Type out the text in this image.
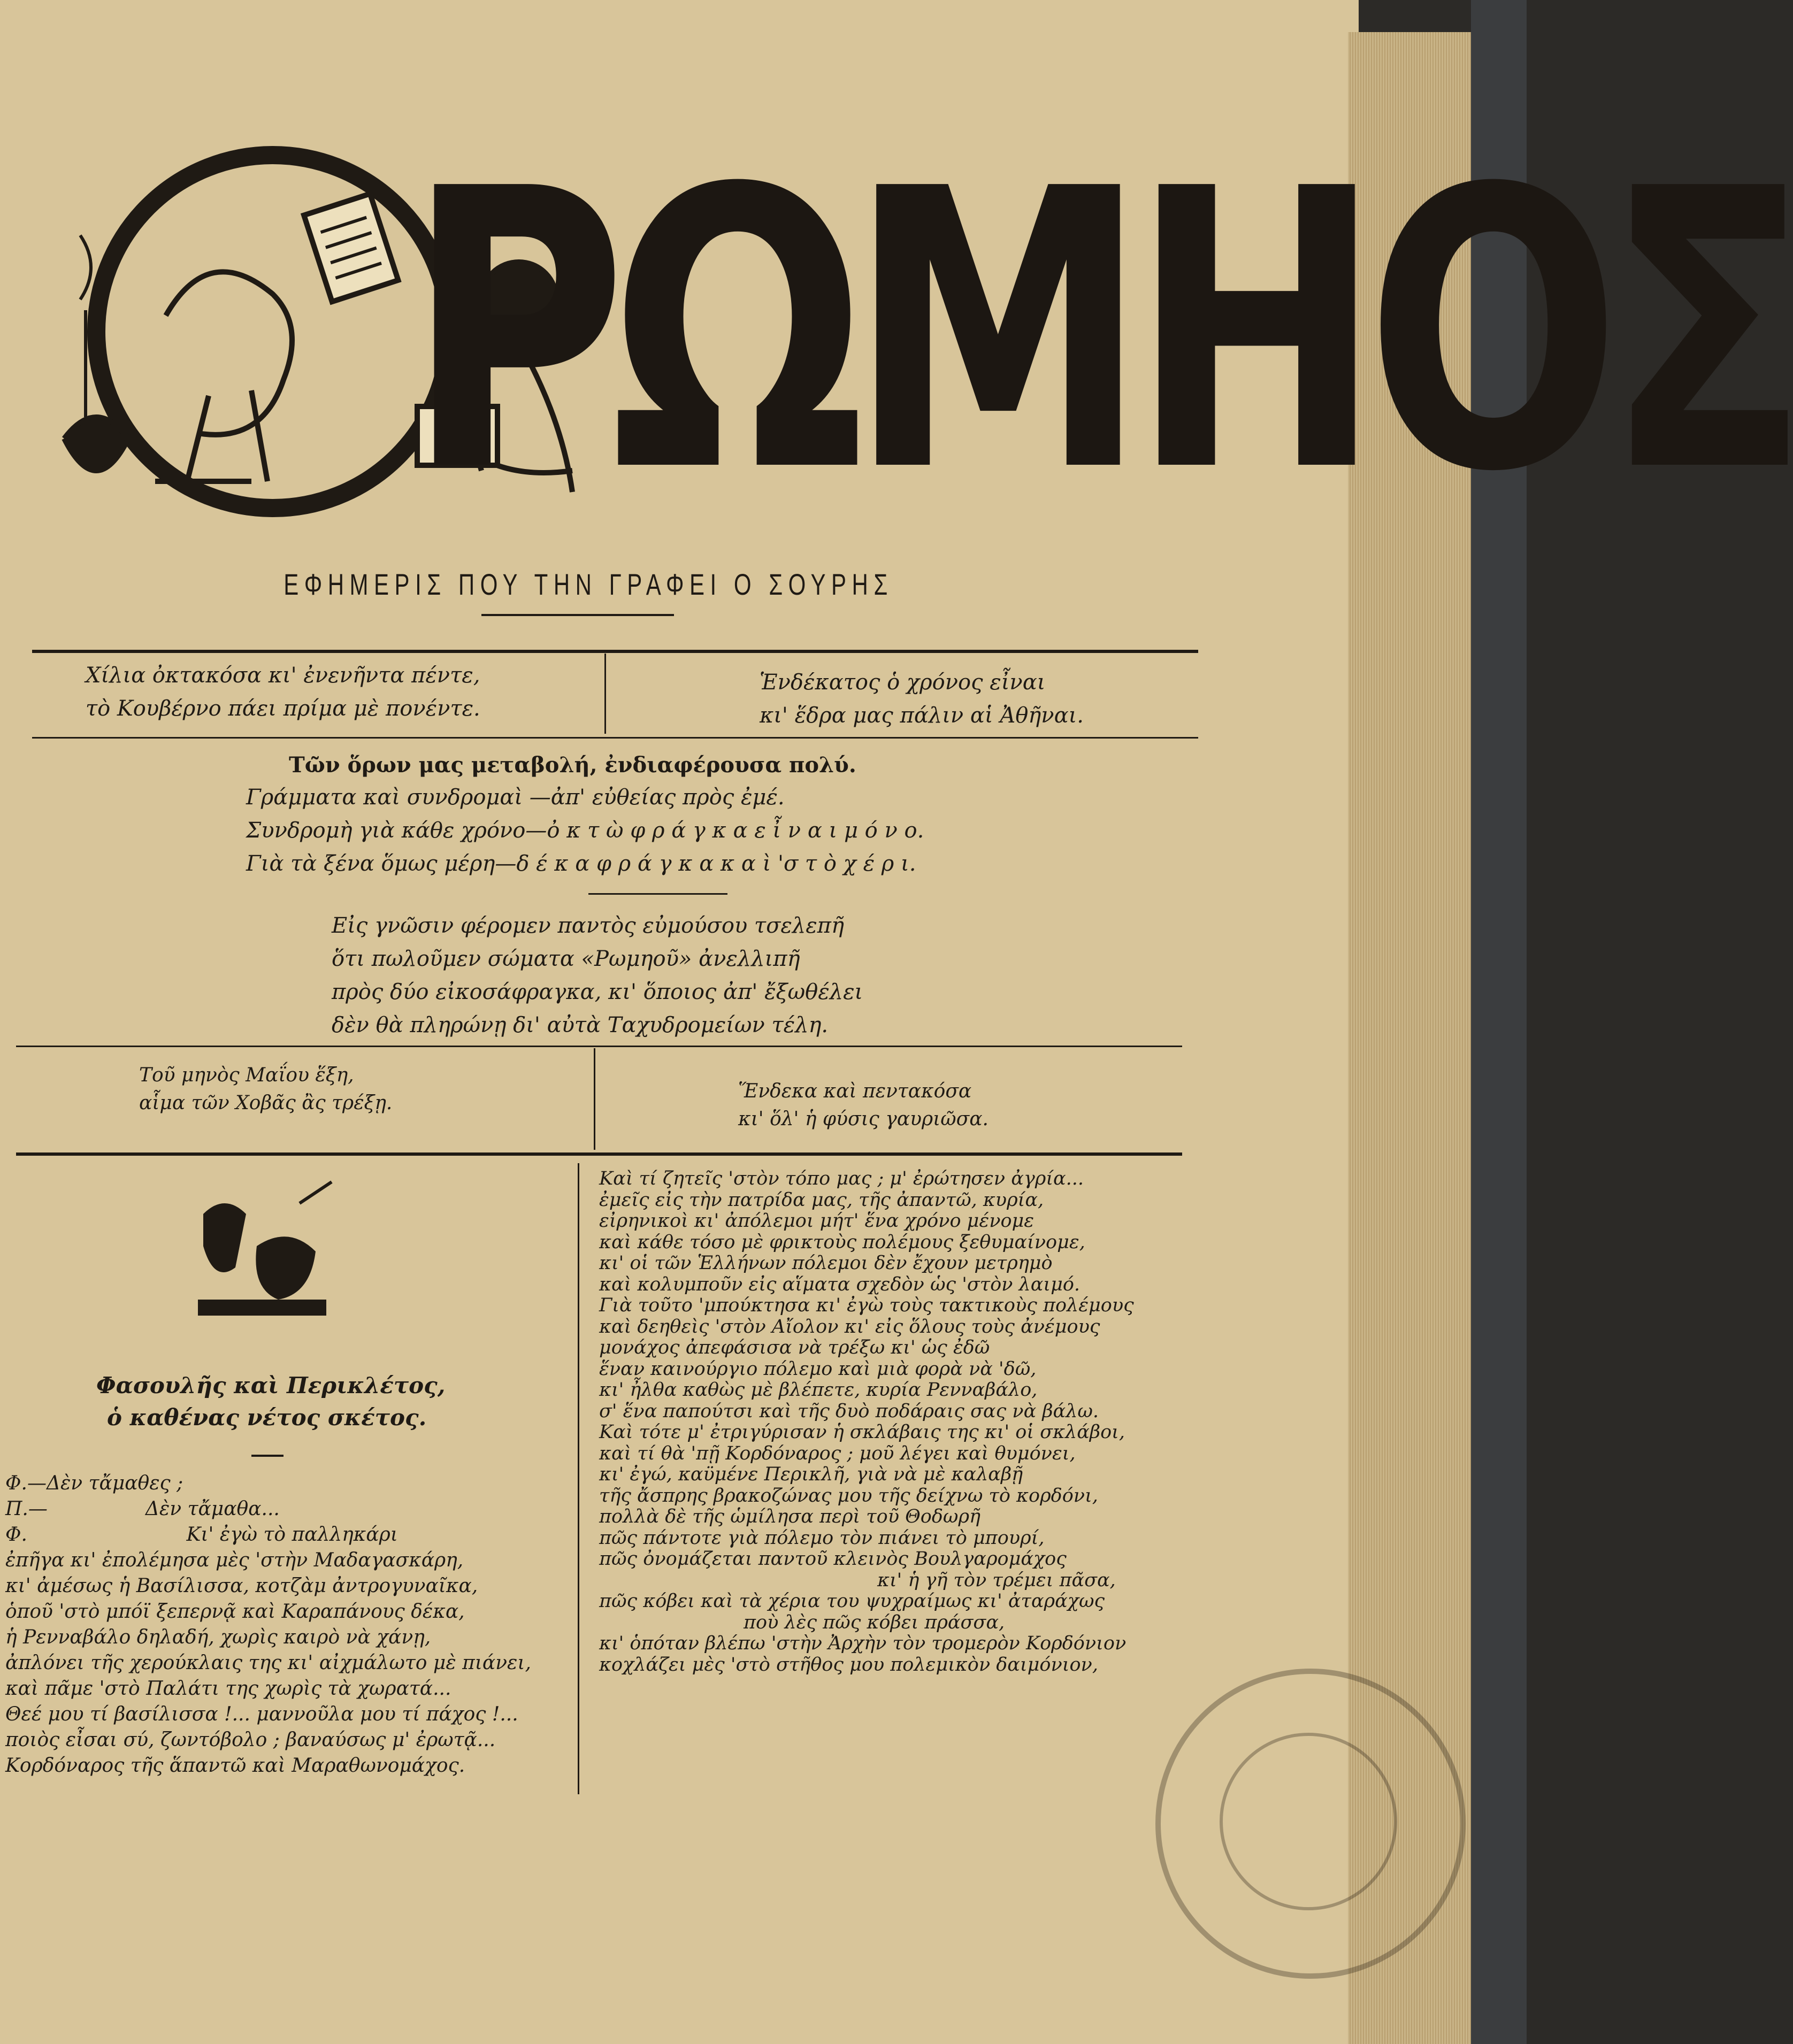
ΡΩΜΗΟΣ
ΕΦΗΜΕΡΙΣ ΠΟΥ ΤΗΝ ΓΡΑΦΕΙ Ο ΣΟΥΡΗΣ
Χίλια ὀκτακόσα κι' ἐνενῆντα πέντε,
τὸ Κουβέρνο πάει πρίμα μὲ πονέντε.
Ἑνδέκατος ὁ χρόνος εἶναι
κι' ἕδρα μας πάλιν αἱ Ἀθῆναι.
Τῶν ὅρων μας μεταβολή, ἐνδιαφέρουσα πολύ.
Γράμματα καὶ συνδρομαὶ —ἀπ' εὐθείας πρὸς ἐμέ.
Συνδρομὴ γιὰ κάθε χρόνο—ὀ κ τ ὼ φ ρ ά γ κ α ε ἶ ν α ι μ ό ν ο.
Γιὰ τὰ ξένα ὅμως μέρη—δ έ κ α φ ρ ά γ κ α κ α ὶ 'σ τ ὸ χ έ ρ ι.
Εἰς γνῶσιν φέρομεν παντὸς εὐμούσου τσελεπῆ
ὅτι πωλοῦμεν σώματα «Ρωμηοῦ» ἀνελλιπῆ
πρὸς δύο εἰκοσάφραγκα, κι' ὅποιος ἀπ' ἔξωθέλει
δὲν θὰ πληρώνῃ δι' αὐτὰ Ταχυδρομείων τέλη.
Τοῦ μηνὸς Μαΐου ἕξη,
αἷμα τῶν Χοβᾶς ἂς τρέξῃ.
Ἕνδεκα καὶ πεντακόσα
κι' ὅλ' ἡ φύσις γαυριῶσα.
Φασουλῆς καὶ Περικλέτος,
ὁ καθένας νέτος σκέτος.
Φ.—Δὲν τἄμαθες ;
Π.—                Δὲν τἄμαθα...
Φ.                          Κι' ἐγὼ τὸ παλληκάρι
ἐπῆγα κι' ἐπολέμησα μὲς 'στὴν Μαδαγασκάρη,
κι' ἀμέσως ἡ Βασίλισσα, κοτζὰμ ἀντρογυναῖκα,
ὁποῦ 'στὸ μπόϊ ξεπερνᾷ καὶ Καραπάνους δέκα,
ἡ Ρενναβάλο δηλαδή, χωρὶς καιρὸ νὰ χάνῃ,
ἀπλόνει τῆς χερούκλαις της κι' αἰχμάλωτο μὲ πιάνει,
καὶ πᾶμε 'στὸ Παλάτι της χωρὶς τὰ χωρατά...
Θεέ μου τί βασίλισσα !... μαννοῦλα μου τί πάχος !...
ποιὸς εἶσαι σύ, ζωντόβολο ; βαναύσως μ' ἐρωτᾷ...
Κορδόναρος τῆς ἅπαντῶ καὶ Μαραθωνομάχος.
Καὶ τί ζητεῖς 'στὸν τόπο μας ; μ' ἐρώτησεν ἀγρία...
ἐμεῖς εἰς τὴν πατρίδα μας, τῆς ἀπαντῶ, κυρία,
εἰρηνικοὶ κι' ἀπόλεμοι μήτ' ἕνα χρόνο μένομε
καὶ κάθε τόσο μὲ φρικτοὺς πολέμους ξεθυμαίνομε,
κι' οἱ τῶν Ἑλλήνων πόλεμοι δὲν ἔχουν μετρημὸ
καὶ κολυμποῦν εἰς αἵματα σχεδὸν ὡς 'στὸν λαιμό.
Γιὰ τοῦτο 'μπούκτησα κι' ἐγὼ τοὺς τακτικοὺς πολέμους
καὶ δεηθεὶς 'στὸν Αἴολον κι' εἰς ὅλους τοὺς ἀνέμους
μονάχος ἀπεφάσισα νὰ τρέξω κι' ὡς ἐδῶ
ἕναν καινούργιο πόλεμο καὶ μιὰ φορὰ νὰ 'δῶ,
κι' ἦλθα καθὼς μὲ βλέπετε, κυρία Ρενναβάλο,
σ' ἕνα παπούτσι καὶ τῆς δυὸ ποδάραις σας νὰ βάλω.
Καὶ τότε μ' ἐτριγύρισαν ἡ σκλάβαις της κι' οἱ σκλάβοι,
καὶ τί θὰ 'πῇ Κορδόναρος ; μοῦ λέγει καὶ θυμόνει,
κι' ἐγώ, καϋμένε Περικλῆ, γιὰ νὰ μὲ καλαβῇ
τῆς ἄσπρης βρακοζώνας μου τῆς δείχνω τὸ κορδόνι,
πολλὰ δὲ τῆς ὡμίλησα περὶ τοῦ Θοδωρῆ
πῶς πάντοτε γιὰ πόλεμο τὸν πιάνει τὸ μπουρί,
πῶς ὀνομάζεται παντοῦ κλεινὸς Βουλγαρομάχος
κι' ἡ γῆ τὸν τρέμει πᾶσα,
πῶς κόβει καὶ τὰ χέρια του ψυχραίμως κι' ἀταράχως
ποὺ λὲς πῶς κόβει πράσσα,
κι' ὁπόταν βλέπω 'στὴν Ἀρχὴν τὸν τρομερὸν Κορδόνιον
κοχλάζει μὲς 'στὸ στῆθος μου πολεμικὸν δαιμόνιον,
